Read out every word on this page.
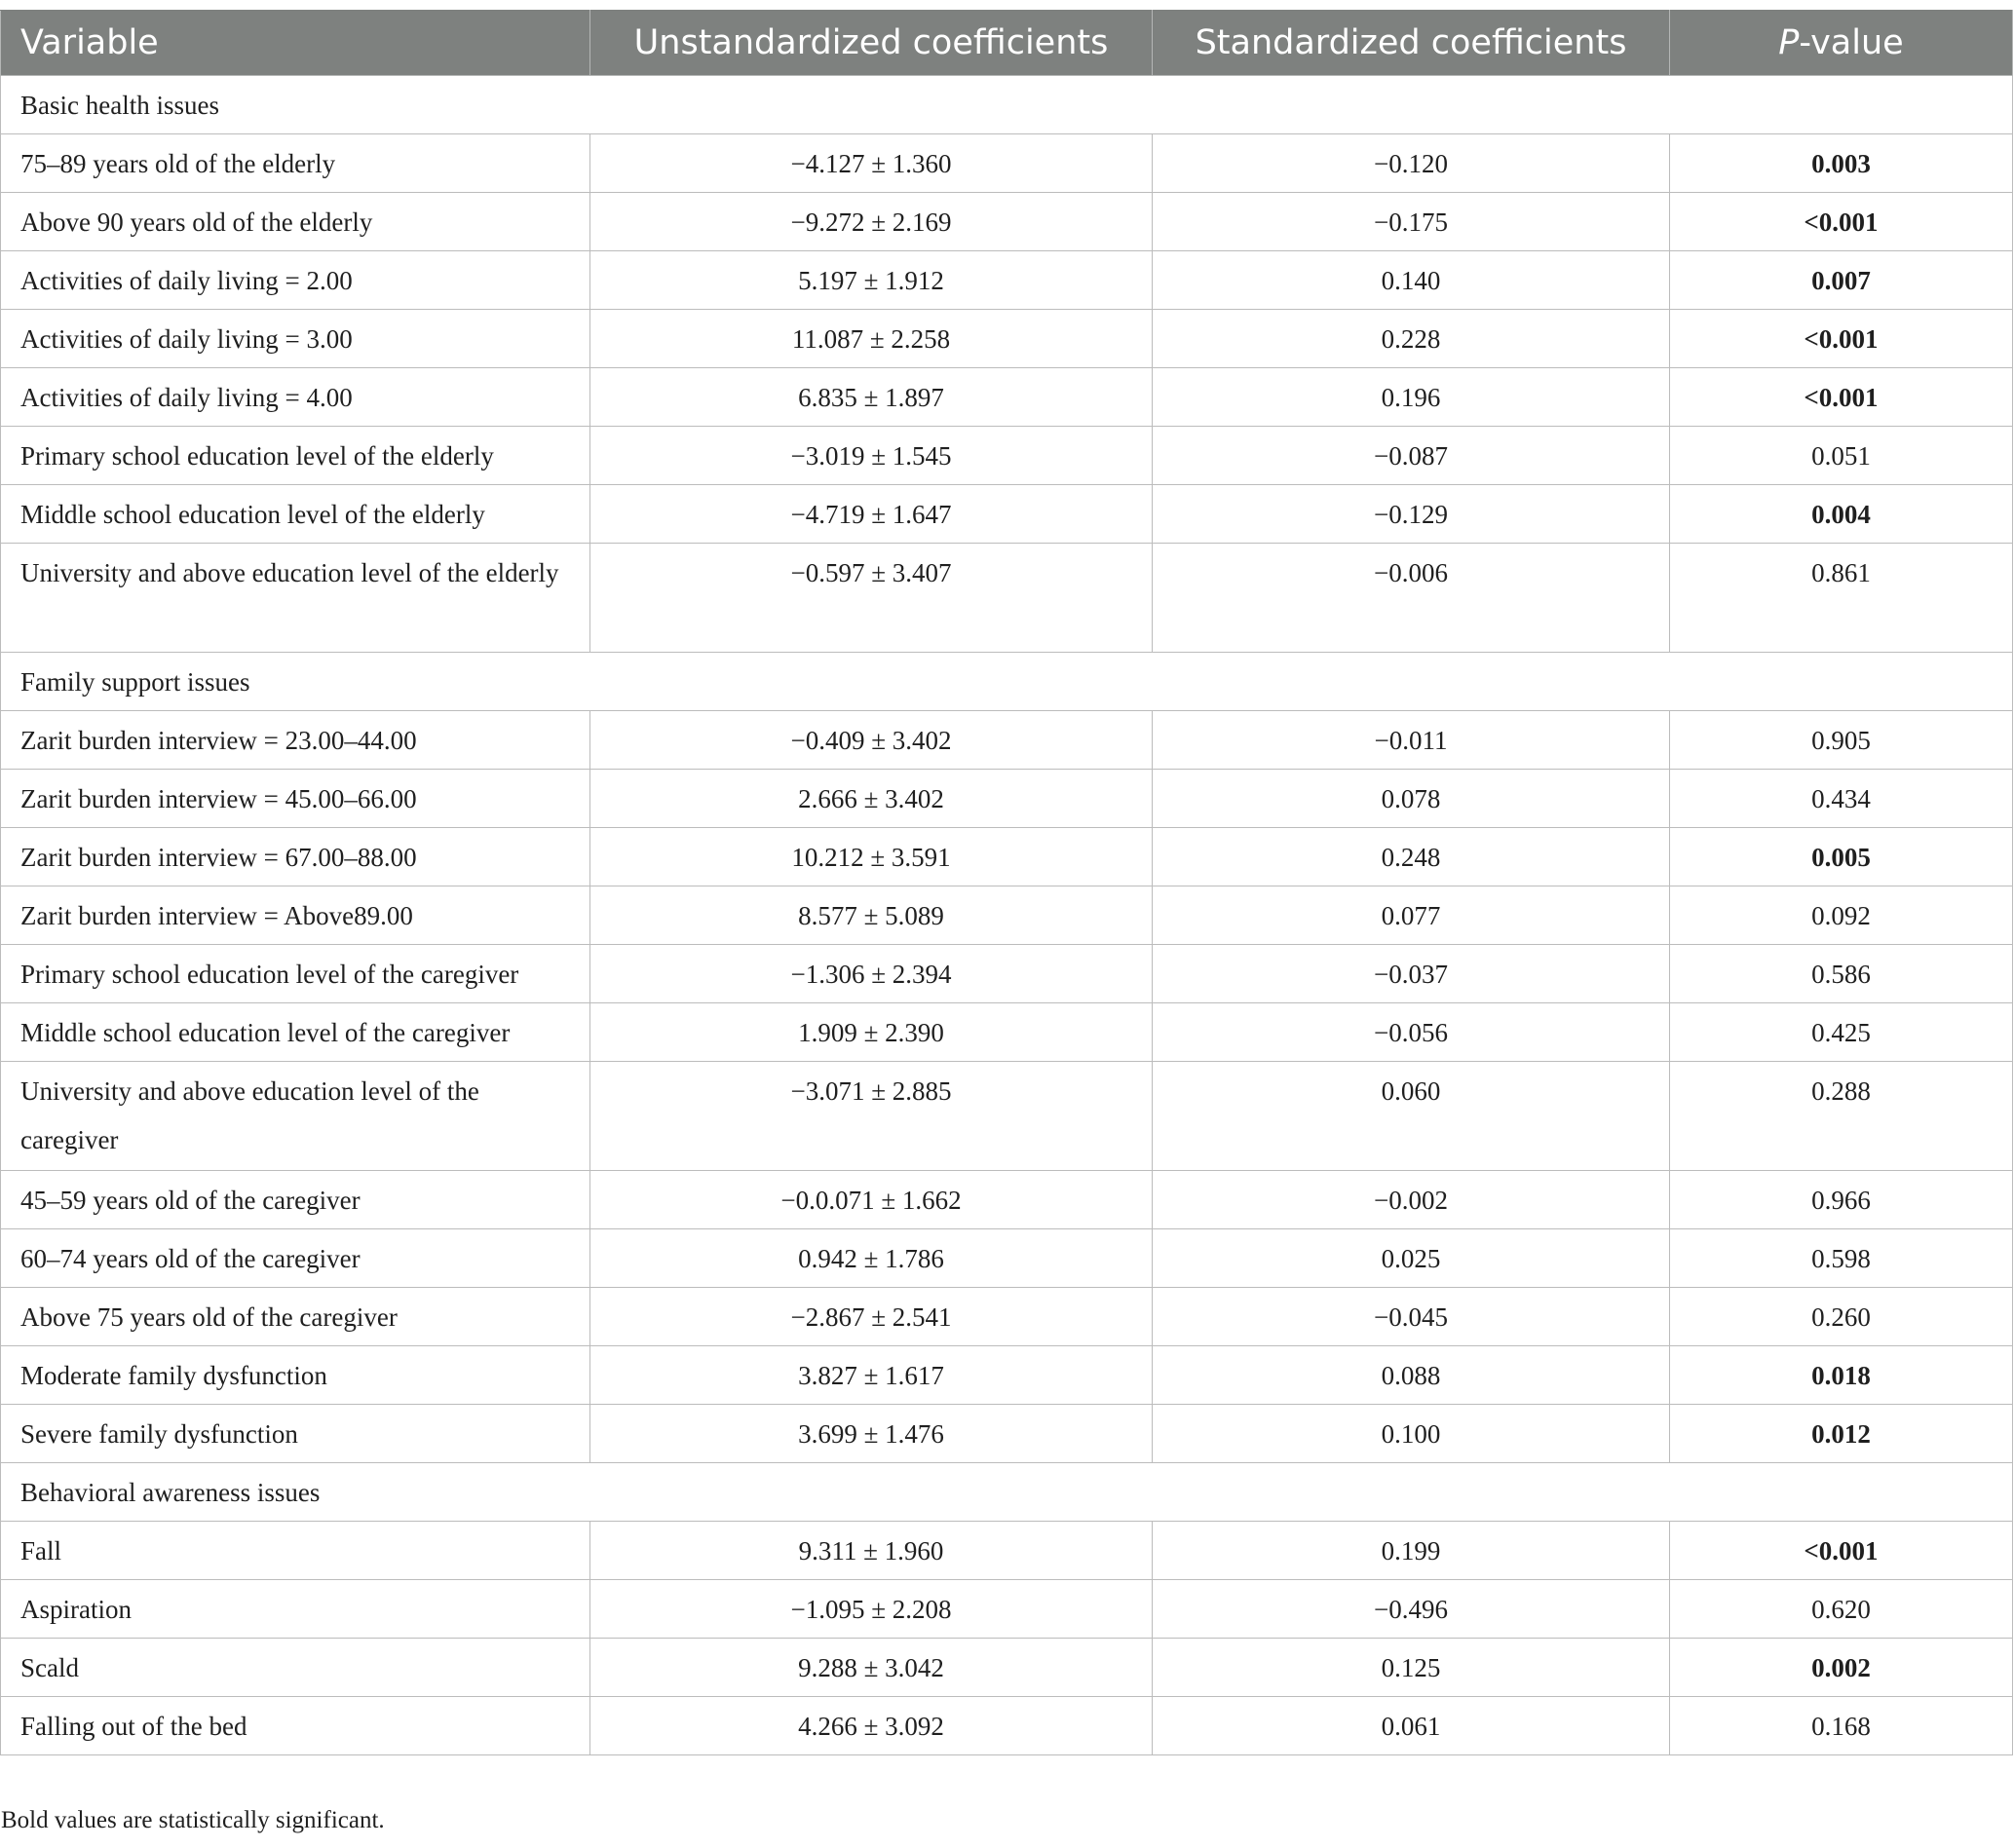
Variable	Unstandardized coefficients	Standardized coefficients	P-value
Basic health issues			
75–89 years old of the elderly	−4.127 ± 1.360	−0.120	0.003
Above 90 years old of the elderly	−9.272 ± 2.169	−0.175	<0.001
Activities of daily living = 2.00	5.197 ± 1.912	0.140	0.007
Activities of daily living = 3.00	11.087 ± 2.258	0.228	<0.001
Activities of daily living = 4.00	6.835 ± 1.897	0.196	<0.001
Primary school education level of the elderly	−3.019 ± 1.545	−0.087	0.051
Middle school education level of the elderly	−4.719 ± 1.647	−0.129	0.004
University and above education level of the elderly	−0.597 ± 3.407	−0.006	0.861
Family support issues			
Zarit burden interview = 23.00–44.00	−0.409 ± 3.402	−0.011	0.905
Zarit burden interview = 45.00–66.00	2.666 ± 3.402	0.078	0.434
Zarit burden interview = 67.00–88.00	10.212 ± 3.591	0.248	0.005
Zarit burden interview = Above89.00	8.577 ± 5.089	0.077	0.092
Primary school education level of the caregiver	−1.306 ± 2.394	−0.037	0.586
Middle school education level of the caregiver	1.909 ± 2.390	−0.056	0.425
University and above education level of the caregiver	−3.071 ± 2.885	0.060	0.288
45–59 years old of the caregiver	−0.0.071 ± 1.662	−0.002	0.966
60–74 years old of the caregiver	0.942 ± 1.786	0.025	0.598
Above 75 years old of the caregiver	−2.867 ± 2.541	−0.045	0.260
Moderate family dysfunction	3.827 ± 1.617	0.088	0.018
Severe family dysfunction	3.699 ± 1.476	0.100	0.012
Behavioral awareness issues			
Fall	9.311 ± 1.960	0.199	<0.001
Aspiration	−1.095 ± 2.208	−0.496	0.620
Scald	9.288 ± 3.042	0.125	0.002
Falling out of the bed	4.266 ± 3.092	0.061	0.168
Bold values are statistically significant.
